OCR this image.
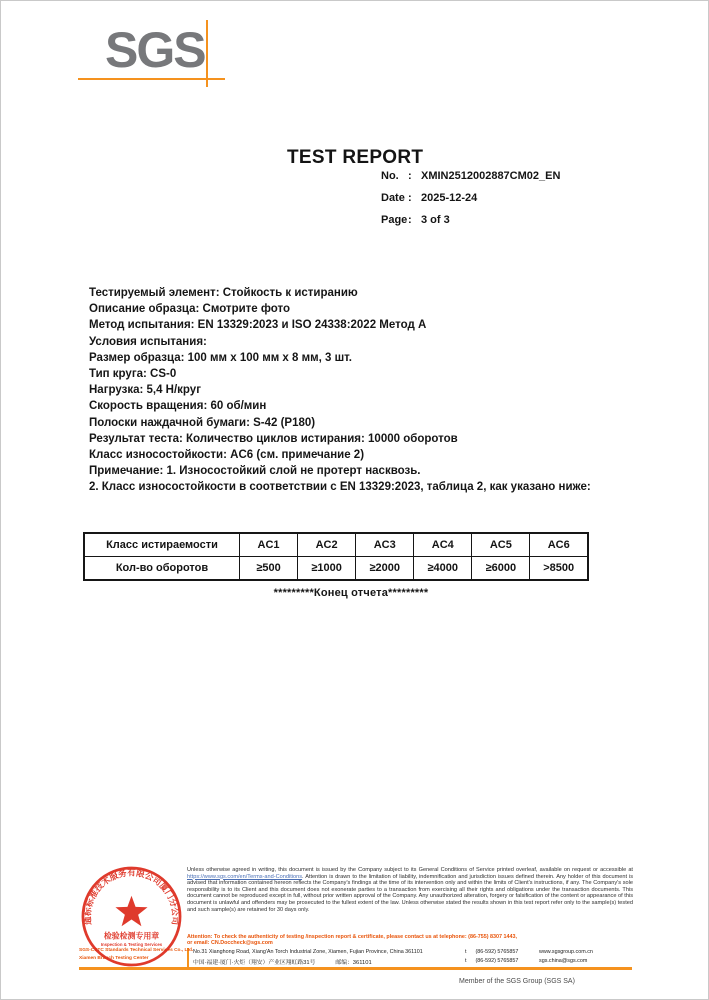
SGS
TEST REPORT
No. : XMIN2512002887CM02_EN
Date : 2025-12-24
Page : 3 of 3
Тестируемый элемент: Стойкость к истиранию
Описание образца: Смотрите фото
Метод испытания: EN 13329:2023 и ISO 24338:2022 Метод А
Условия испытания:
Размер образца: 100 мм x 100 мм x 8 мм, 3 шт.
Тип круга: CS-0
Нагрузка: 5,4 Н/круг
Скорость вращения: 60 об/мин
Полоски наждачной бумаги: S-42 (P180)
Результат теста: Количество циклов истирания: 10000 оборотов
Класс износостойкости: AC6 (см. примечание 2)
Примечание: 1. Износостойкий слой не протерт насквозь.
2. Класс износостойкости в соответствии с EN 13329:2023, таблица 2, как указано ниже:
Класс истираемости	AC1	AC2	AC3	AC4	AC5	AC6
Кол-во оборотов	≥500	≥1000	≥2000	≥4000	≥6000	>8500
*********Конец отчета*********
通标标准技术服务有限公司厦门分公司
检验检测专用章
Inspection & Testing Services
SGS-CSTC Standards Technical Services Co., Ltd.
Xiamen Branch Testing Center

Unless otherwise agreed in writing, this document is issued by the Company subject to its General Conditions of Service printed overleaf, available on request or accessible at https://www.sgs.com/en/Terms-and-Conditions. Attention is drawn to the limitation of liability, indemnification and jurisdiction issues defined therein. Any holder of this document is advised that information contained hereon reflects the Company's findings at the time of its intervention only and within the limits of Client's instructions, if any. The Company's sole responsibility is to its Client and this document does not exonerate parties to a transaction from exercising all their rights and obligations under the transaction documents. This document cannot be reproduced except in full, without prior written approval of the Company. Any unauthorized alteration, forgery or falsification of the content or appearance of this document is unlawful and offenders may be prosecuted to the fullest extent of the law. Unless otherwise stated the results shown in this test report refer only to the sample(s) tested and such sample(s) are retained for 30 days only.

Attention: To check the authenticity of testing /inspection report & certificate, please contact us at telephone: (86-755) 8307 1443,
or email: CN.Doccheck@sgs.com
No.31 Xianghong Road, Xiang'An Torch Industrial Zone, Xiamen, Fujian Province, China 361101
中国·福建·厦门·火炬（翔安）产业区翔虹路31号	邮编：361101
t (86-592) 5765857	www.sgsgroup.com.cn
t (86-592) 5765857	sgs.china@sgs.com
Member of the SGS Group (SGS SA)
